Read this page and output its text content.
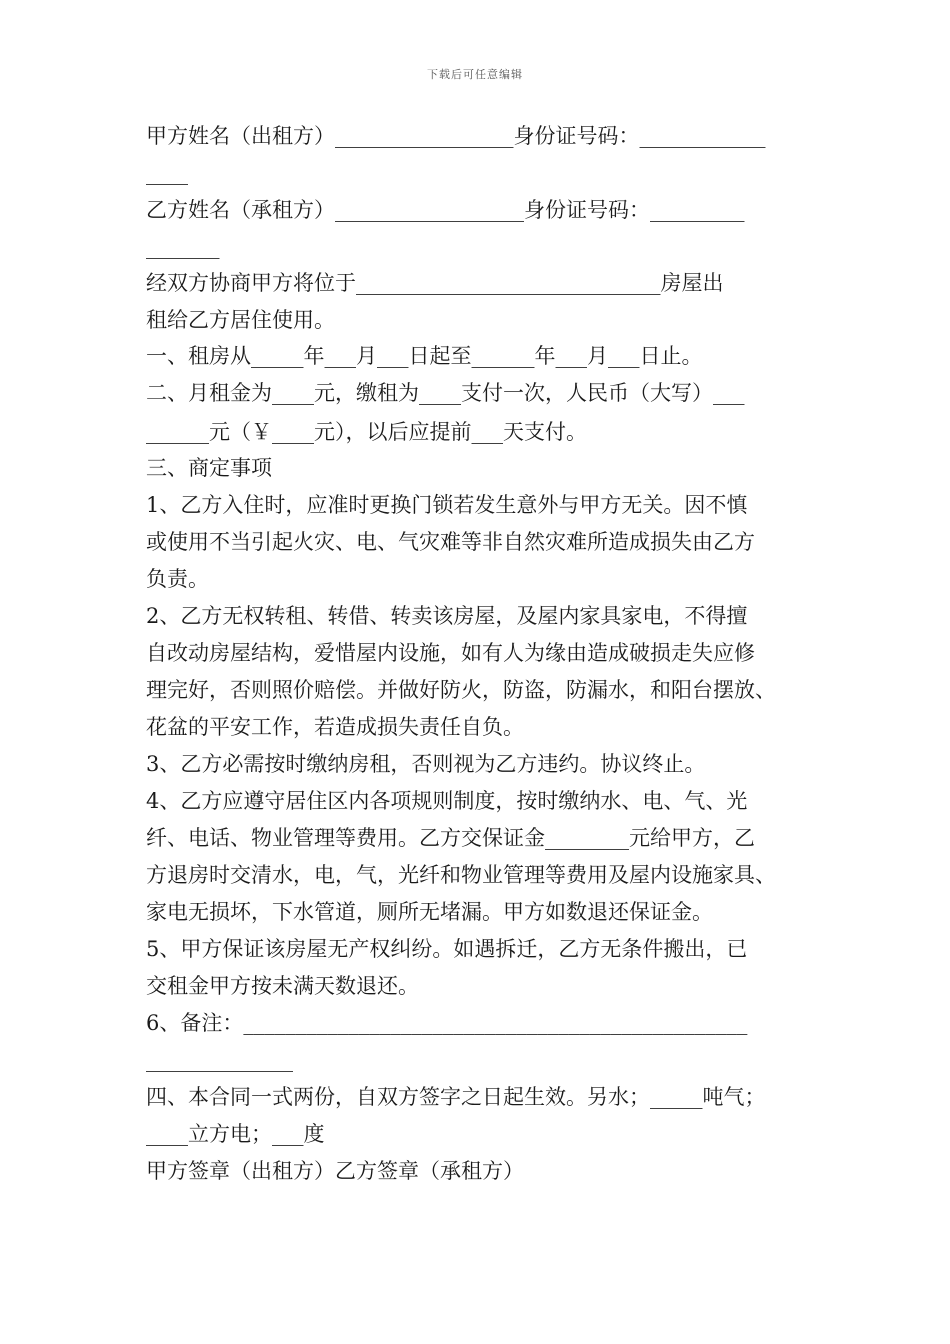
下载后可任意编辑
甲方姓名（出租方）_________________身份证号码：____________
____
乙方姓名（承租方）__________________身份证号码：_________
_______
经双方协商甲方将位于_____________________________房屋出
租给乙方居住使用。
一、租房从_____年___月___日起至______年___月___日止。
二、月租金为____元，缴租为____支付一次，人民币（大写）___
______元（￥____元），以后应提前___天支付。
三、商定事项
1、乙方入住时，应准时更换门锁若发生意外与甲方无关。因不慎
或使用不当引起火灾、电、气灾难等非自然灾难所造成损失由乙方
负责。
2、乙方无权转租、转借、转卖该房屋，及屋内家具家电，不得擅
自改动房屋结构，爱惜屋内设施，如有人为缘由造成破损走失应修
理完好，否则照价赔偿。并做好防火，防盗，防漏水，和阳台摆放、
花盆的平安工作，若造成损失责任自负。
3、乙方必需按时缴纳房租，否则视为乙方违约。协议终止。
4、乙方应遵守居住区内各项规则制度，按时缴纳水、电、气、光
纤、电话、物业管理等费用。乙方交保证金________元给甲方，乙
方退房时交清水，电，气，光纤和物业管理等费用及屋内设施家具、
家电无损坏，下水管道，厕所无堵漏。甲方如数退还保证金。
5、甲方保证该房屋无产权纠纷。如遇拆迁，乙方无条件搬出，已
交租金甲方按未满天数退还。
6、备注：________________________________________________
______________
四、本合同一式两份，自双方签字之日起生效。另水；_____吨气；
____立方电；___度
甲方签章（出租方）乙方签章（承租方）
